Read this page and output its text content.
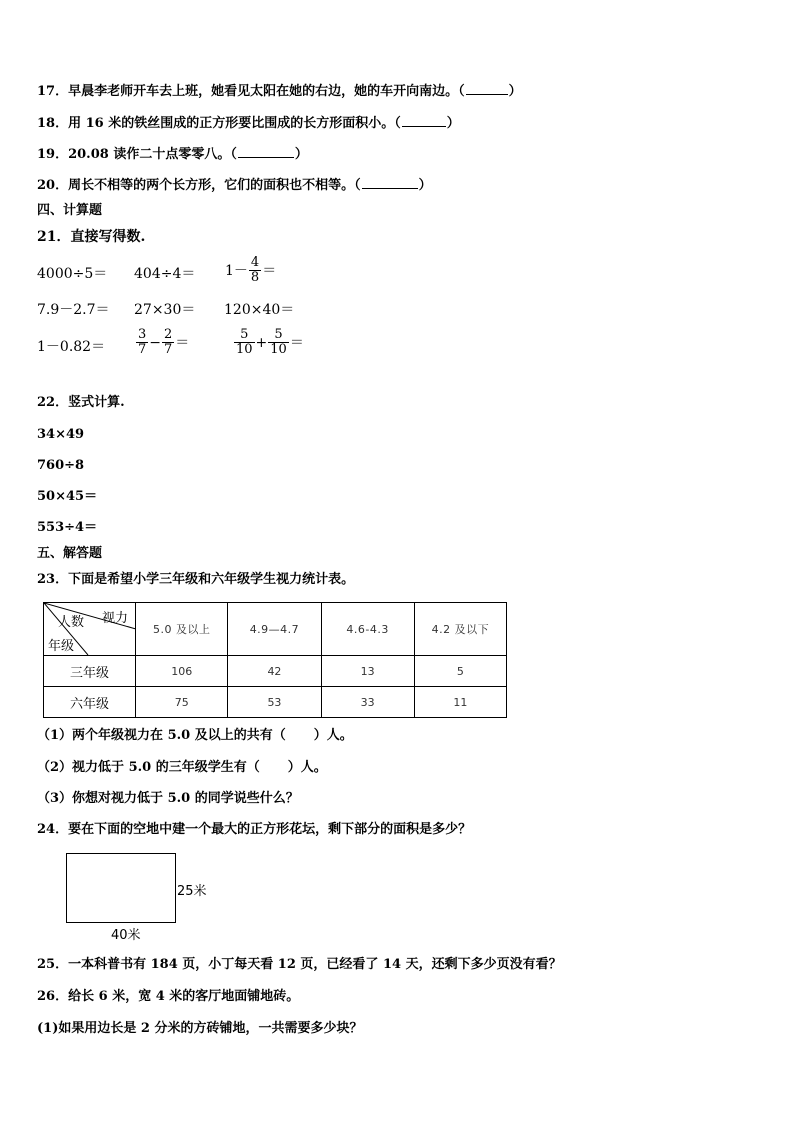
17．早晨李老师开车去上班，她看见太阳在她的右边，她的车开向南边。（	）
18．用 16 米的铁丝围成的正方形要比围成的长方形面积小。（	）
19．20.08 读作二十点零零八。（	）
20．周长不相等的两个长方形，它们的面积也不相等。（	）
四、计算题
21．直接写得数.
$4000\div 5= 404\div 4= 1- \frac{4}{8}$ ＝
7.9－2.7＝ 27×30＝ 120×40＝
$1-0.82= \frac{3}{7} - \frac{2}{7}$ ＝	$\frac{5}{10} + \frac{5}{10}$ ＝
22．竖式计算.
34×49
760÷8
50×45＝
553÷4＝
五、解答题
23．下面是希望小学三年级和六年级学生视力统计表。
人数 视力
年级	5.0 及以上	4.9—4.7	4.6-4.3	4.2 及以下
三年级	106	42	13	5
六年级	75	53	33	11
（1）两个年级视力在 5.0 及以上的共有（ ）人。
（2）视力低于 5.0 的三年级学生有（ ）人。
（3）你想对视力低于 5.0 的同学说些什么？
24．要在下面的空地中建一个最大的正方形花坛，剩下部分的面积是多少？
25米
40米
25．一本科普书有 184 页，小丁每天看 12 页，已经看了 14 天，还剩下多少页没有看？
26．给长 6 米，宽 4 米的客厅地面铺地砖。
(1)如果用边长是 2 分米的方砖铺地，一共需要多少块？
